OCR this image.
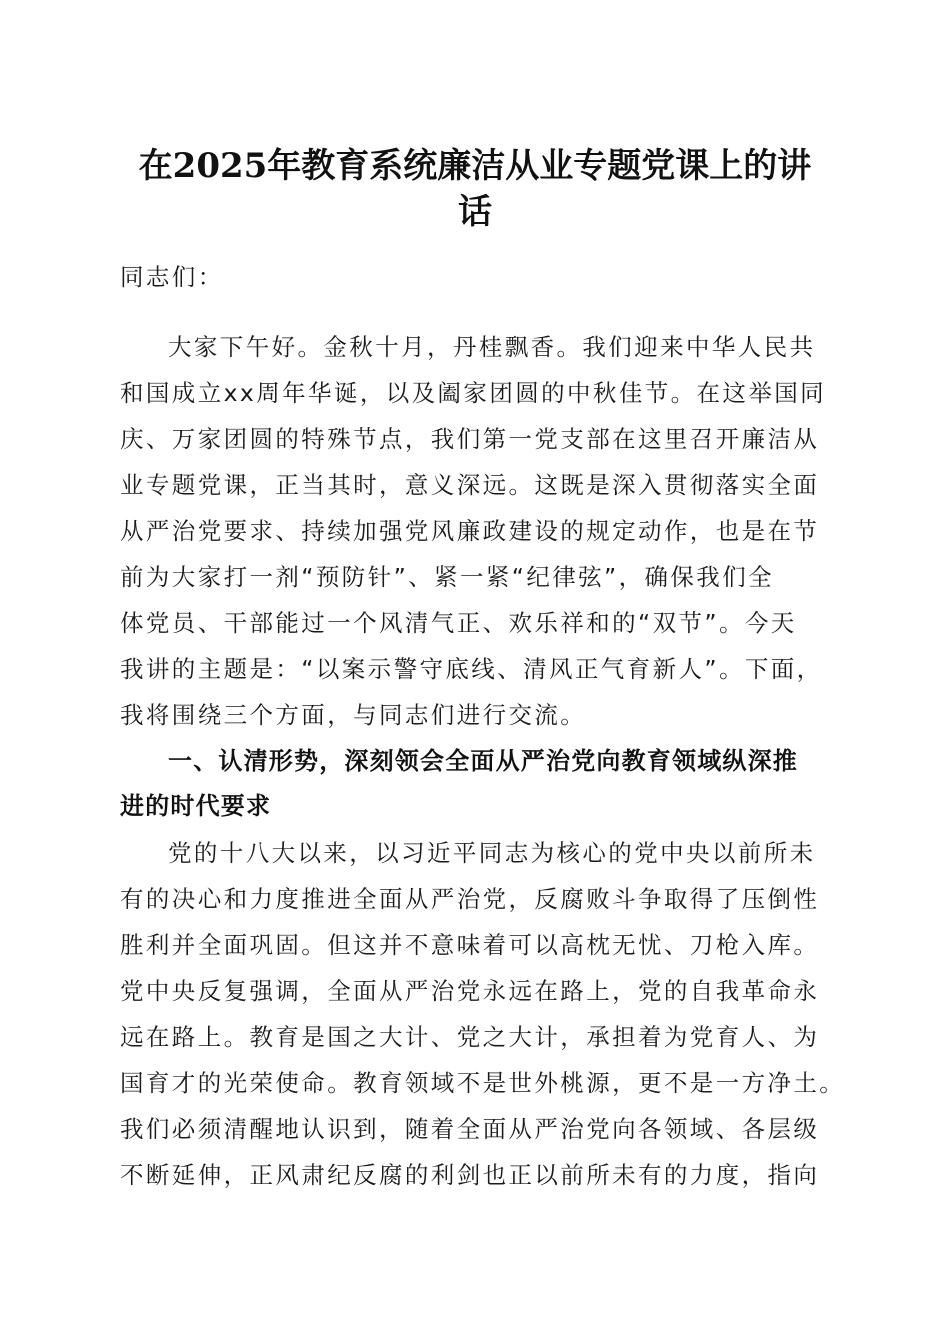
在2025年教育系统廉洁从业专题党课上的讲
话
同志们：
大家下午好。金秋十月，丹桂飘香。我们迎来中华人民共
和国成立xx周年华诞，以及阖家团圆的中秋佳节。在这举国同
庆、万家团圆的特殊节点，我们第一党支部在这里召开廉洁从
业专题党课，正当其时，意义深远。这既是深入贯彻落实全面
从严治党要求、持续加强党风廉政建设的规定动作，也是在节
前为大家打一剂“预防针”、紧一紧“纪律弦”，确保我们全
体党员、干部能过一个风清气正、欢乐祥和的“双节”。今天
我讲的主题是：“以案示警守底线、清风正气育新人”。下面，
我将围绕三个方面，与同志们进行交流。
一、认清形势，深刻领会全面从严治党向教育领域纵深推
进的时代要求
党的十八大以来，以习近平同志为核心的党中央以前所未
有的决心和力度推进全面从严治党，反腐败斗争取得了压倒性
胜利并全面巩固。但这并不意味着可以高枕无忧、刀枪入库。
党中央反复强调，全面从严治党永远在路上，党的自我革命永
远在路上。教育是国之大计、党之大计，承担着为党育人、为
国育才的光荣使命。教育领域不是世外桃源，更不是一方净土。
我们必须清醒地认识到，随着全面从严治党向各领域、各层级
不断延伸，正风肃纪反腐的利剑也正以前所未有的力度，指向
